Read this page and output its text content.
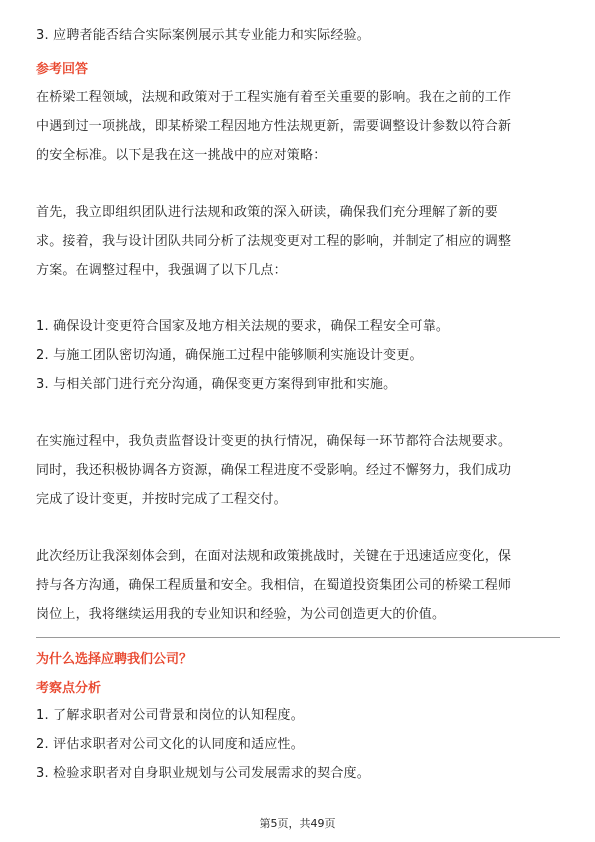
3. 应聘者能否结合实际案例展示其专业能力和实际经验。
参考回答
在桥梁工程领域，法规和政策对于工程实施有着至关重要的影响。我在之前的工作
中遇到过一项挑战，即某桥梁工程因地方性法规更新，需要调整设计参数以符合新
的安全标准。以下是我在这一挑战中的应对策略：
首先，我立即组织团队进行法规和政策的深入研读，确保我们充分理解了新的要
求。接着，我与设计团队共同分析了法规变更对工程的影响，并制定了相应的调整
方案。在调整过程中，我强调了以下几点：
1. 确保设计变更符合国家及地方相关法规的要求，确保工程安全可靠。
2. 与施工团队密切沟通，确保施工过程中能够顺利实施设计变更。
3. 与相关部门进行充分沟通，确保变更方案得到审批和实施。
在实施过程中，我负责监督设计变更的执行情况，确保每一环节都符合法规要求。
同时，我还积极协调各方资源，确保工程进度不受影响。经过不懈努力，我们成功
完成了设计变更，并按时完成了工程交付。
此次经历让我深刻体会到，在面对法规和政策挑战时，关键在于迅速适应变化，保
持与各方沟通，确保工程质量和安全。我相信，在蜀道投资集团公司的桥梁工程师
岗位上，我将继续运用我的专业知识和经验，为公司创造更大的价值。
为什么选择应聘我们公司？
考察点分析
1. 了解求职者对公司背景和岗位的认知程度。
2. 评估求职者对公司文化的认同度和适应性。
3. 检验求职者对自身职业规划与公司发展需求的契合度。
第5页，共49页
